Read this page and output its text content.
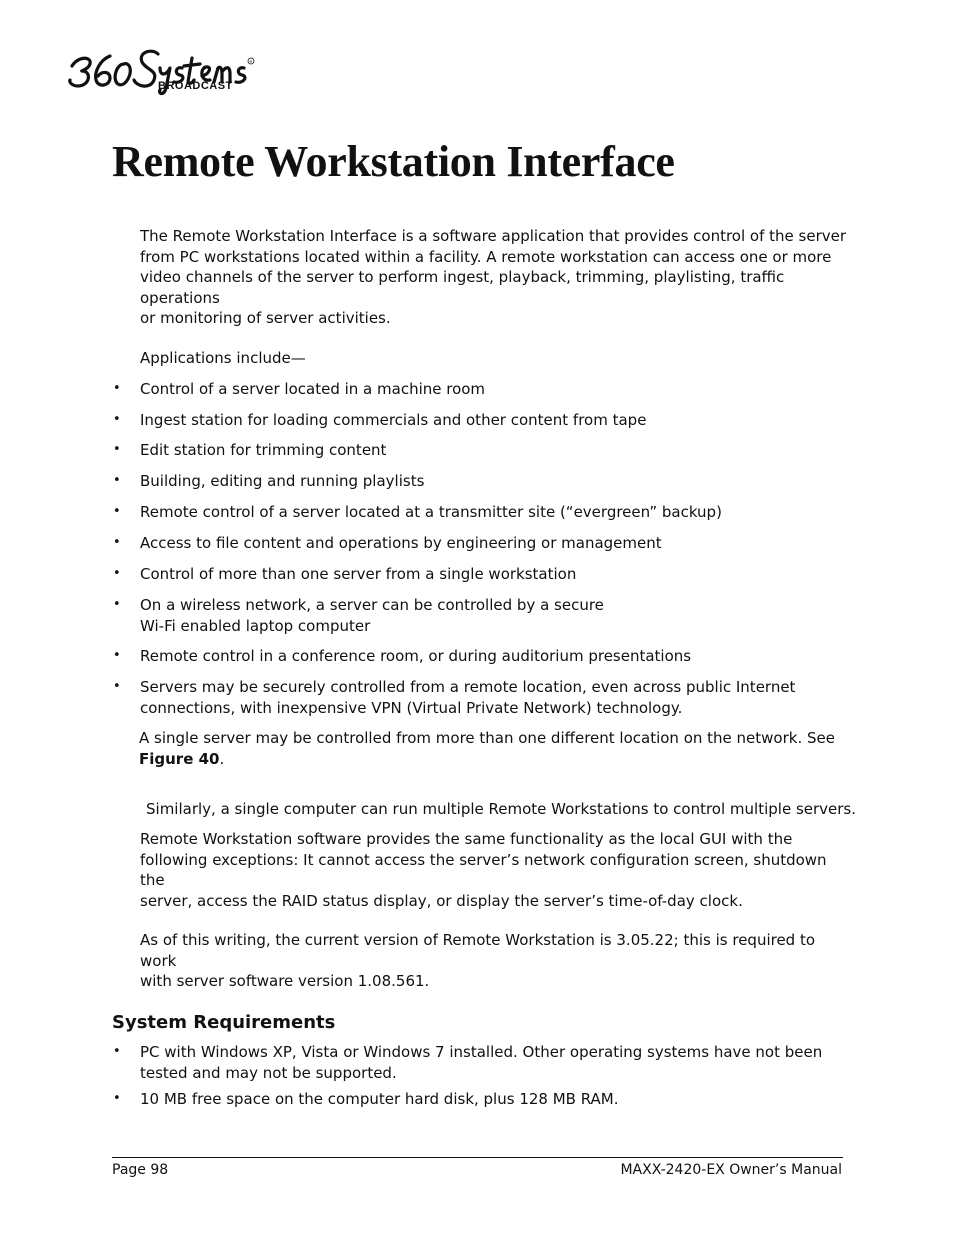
R
BROADCAST
Remote Workstation Interface
The Remote Workstation Interface is a software application that provides control of the server
from PC workstations located within a facility. A remote workstation can access one or more
video channels of the server to perform ingest, playback, trimming, playlisting, traffic operations
or monitoring of server activities.
Applications include—
• Control of a server located in a machine room
• Ingest station for loading commercials and other content from tape
• Edit station for trimming content
• Building, editing and running playlists
• Remote control of a server located at a transmitter site (“evergreen” backup)
• Access to file content and operations by engineering or management
• Control of more than one server from a single workstation
• On a wireless network, a server can be controlled by a secure
Wi-Fi enabled laptop computer
• Remote control in a conference room, or during auditorium presentations
• Servers may be securely controlled from a remote location, even across public Internet
connections, with inexpensive VPN (Virtual Private Network) technology.
A single server may be controlled from more than one different location on the network. See
Figure 40.
Similarly, a single computer can run multiple Remote Workstations to control multiple servers.
Remote Workstation software provides the same functionality as the local GUI with the
following exceptions: It cannot access the server’s network configuration screen, shutdown the
server, access the RAID status display, or display the server’s time-of-day clock.
As of this writing, the current version of Remote Workstation is 3.05.22; this is required to work
with server software version 1.08.561.
System Requirements
• PC with Windows XP, Vista or Windows 7 installed. Other operating systems have not been
tested and may not be supported.
• 10 MB free space on the computer hard disk, plus 128 MB RAM.
Page 98	MAXX-2420-EX Owner’s Manual
